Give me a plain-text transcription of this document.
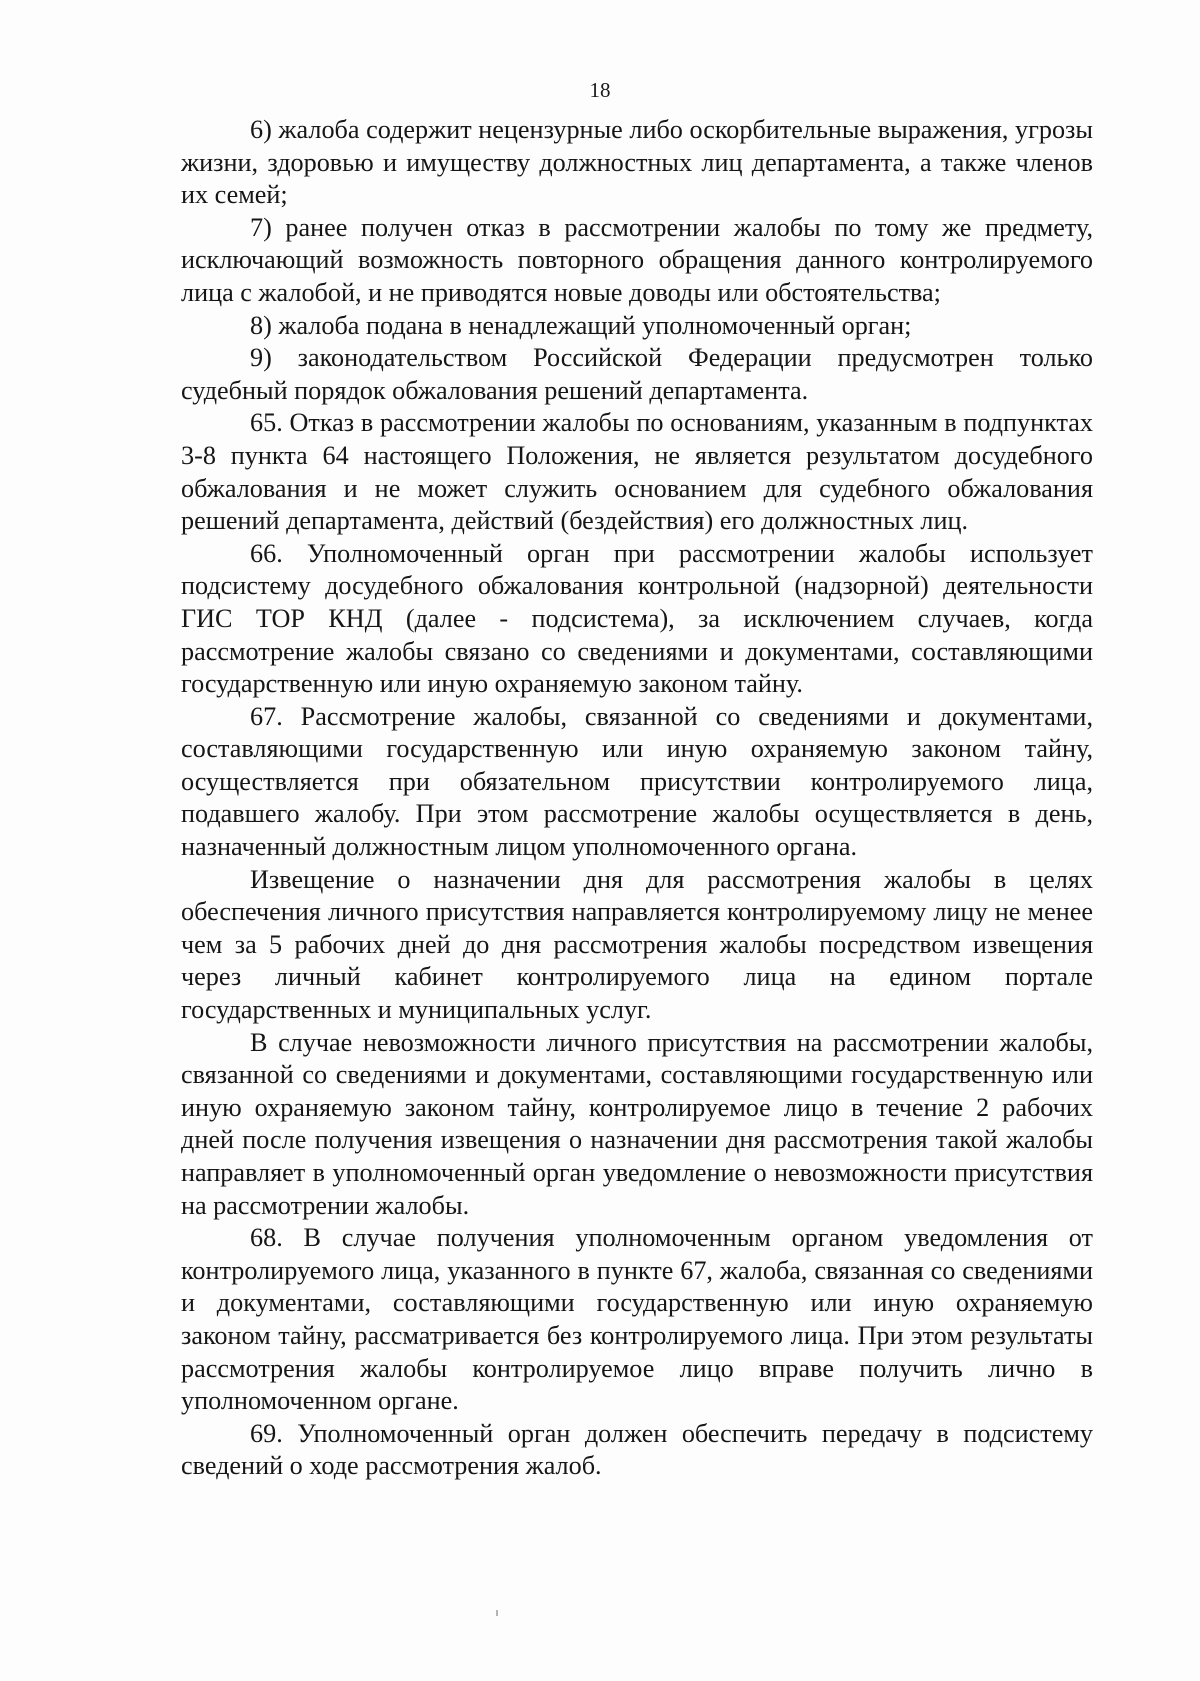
18

6) жалоба содержит нецензурные либо оскорбительные выражения, угрозы жизни, здоровью и имуществу должностных лиц департамента, а также членов их семей;

7) ранее получен отказ в рассмотрении жалобы по тому же предмету, исключающий возможность повторного обращения данного контролируемого лица с жалобой, и не приводятся новые доводы или обстоятельства;

8) жалоба подана в ненадлежащий уполномоченный орган;

9) законодательством Российской Федерации предусмотрен только судебный порядок обжалования решений департамента.

65. Отказ в рассмотрении жалобы по основаниям, указанным в подпунктах 3-8 пункта 64 настоящего Положения, не является результатом досудебного обжалования и не может служить основанием для судебного обжалования решений департамента, действий (бездействия) его должностных лиц.

66. Уполномоченный орган при рассмотрении жалобы использует подсистему досудебного обжалования контрольной (надзорной) деятельности ГИС ТОР КНД (далее - подсистема), за исключением случаев, когда рассмотрение жалобы связано со сведениями и документами, составляющими государственную или иную охраняемую законом тайну.

67. Рассмотрение жалобы, связанной со сведениями и документами, составляющими государственную или иную охраняемую законом тайну, осуществляется при обязательном присутствии контролируемого лица, подавшего жалобу. При этом рассмотрение жалобы осуществляется в день, назначенный должностным лицом уполномоченного органа.

Извещение о назначении дня для рассмотрения жалобы в целях обеспечения личного присутствия направляется контролируемому лицу не менее чем за 5 рабочих дней до дня рассмотрения жалобы посредством извещения через личный кабинет контролируемого лица на едином портале государственных и муниципальных услуг.

В случае невозможности личного присутствия на рассмотрении жалобы, связанной со сведениями и документами, составляющими государственную или иную охраняемую законом тайну, контролируемое лицо в течение 2 рабочих дней после получения извещения о назначении дня рассмотрения такой жалобы направляет в уполномоченный орган уведомление о невозможности присутствия на рассмотрении жалобы.

68. В случае получения уполномоченным органом уведомления от контролируемого лица, указанного в пункте 67, жалоба, связанная со сведениями и документами, составляющими государственную или иную охраняемую законом тайну, рассматривается без контролируемого лица. При этом результаты рассмотрения жалобы контролируемое лицо вправе получить лично в уполномоченном органе.

69. Уполномоченный орган должен обеспечить передачу в подсистему сведений о ходе рассмотрения жалоб.
